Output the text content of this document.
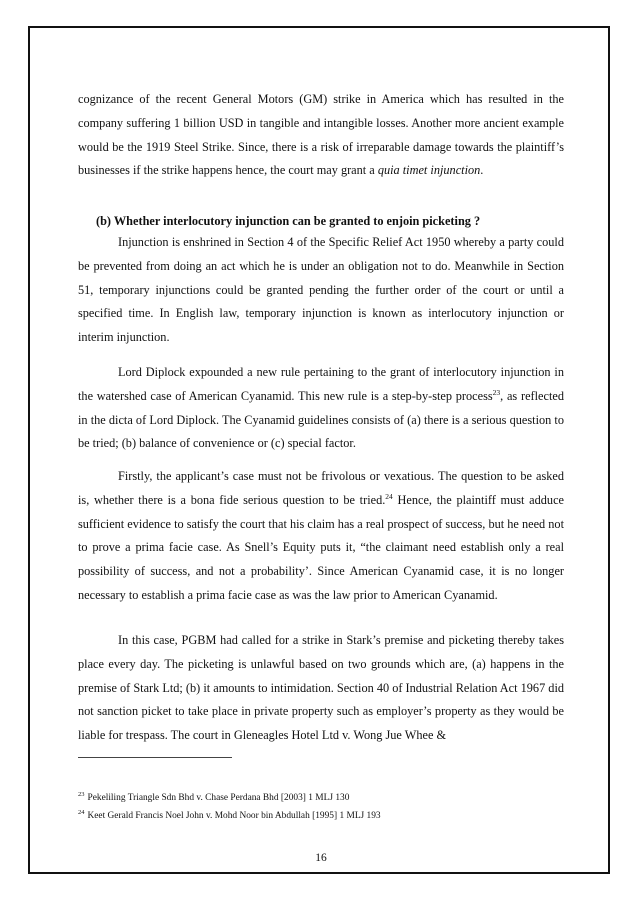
cognizance of the recent General Motors (GM) strike in America which has resulted in the company suffering 1 billion USD in tangible and intangible losses. Another more ancient example would be the 1919 Steel Strike. Since, there is a risk of irreparable damage towards the plaintiff’s businesses if the strike happens hence, the court may grant a quia timet injunction.

(b) Whether interlocutory injunction can be granted to enjoin picketing ?

Injunction is enshrined in Section 4 of the Specific Relief Act 1950 whereby a party could be prevented from doing an act which he is under an obligation not to do. Meanwhile in Section 51, temporary injunctions could be granted pending the further order of the court or until a specified time. In English law, temporary injunction is known as interlocutory injunction or interim injunction.

Lord Diplock expounded a new rule pertaining to the grant of interlocutory injunction in the watershed case of American Cyanamid. This new rule is a step-by-step process$^{23}$, as reflected in the dicta of Lord Diplock. The Cyanamid guidelines consists of (a) there is a serious question to be tried; (b) balance of convenience or (c) special factor.

Firstly, the applicant’s case must not be frivolous or vexatious. The question to be asked is, whether there is a bona fide serious question to be tried.$^{24}$ Hence, the plaintiff must adduce sufficient evidence to satisfy the court that his claim has a real prospect of success, but he need not to prove a prima facie case. As Snell’s Equity puts it, “the claimant need establish only a real possibility of success, and not a probability’. Since American Cyanamid case, it is no longer necessary to establish a prima facie case as was the law prior to American Cyanamid.

In this case, PGBM had called for a strike in Stark’s premise and picketing thereby takes place every day. The picketing is unlawful based on two grounds which are, (a) happens in the premise of Stark Ltd; (b) it amounts to intimidation. Section 40 of Industrial Relation Act 1967 did not sanction picket to take place in private property such as employer’s property as they would be liable for trespass. The court in Gleneagles Hotel Ltd v. Wong Jue Whee &

$^{23}$ Pekeliling Triangle Sdn Bhd v. Chase Perdana Bhd [2003] 1 MLJ 130
$^{24}$ Keet Gerald Francis Noel John v. Mohd Noor bin Abdullah [1995] 1 MLJ 193
16
